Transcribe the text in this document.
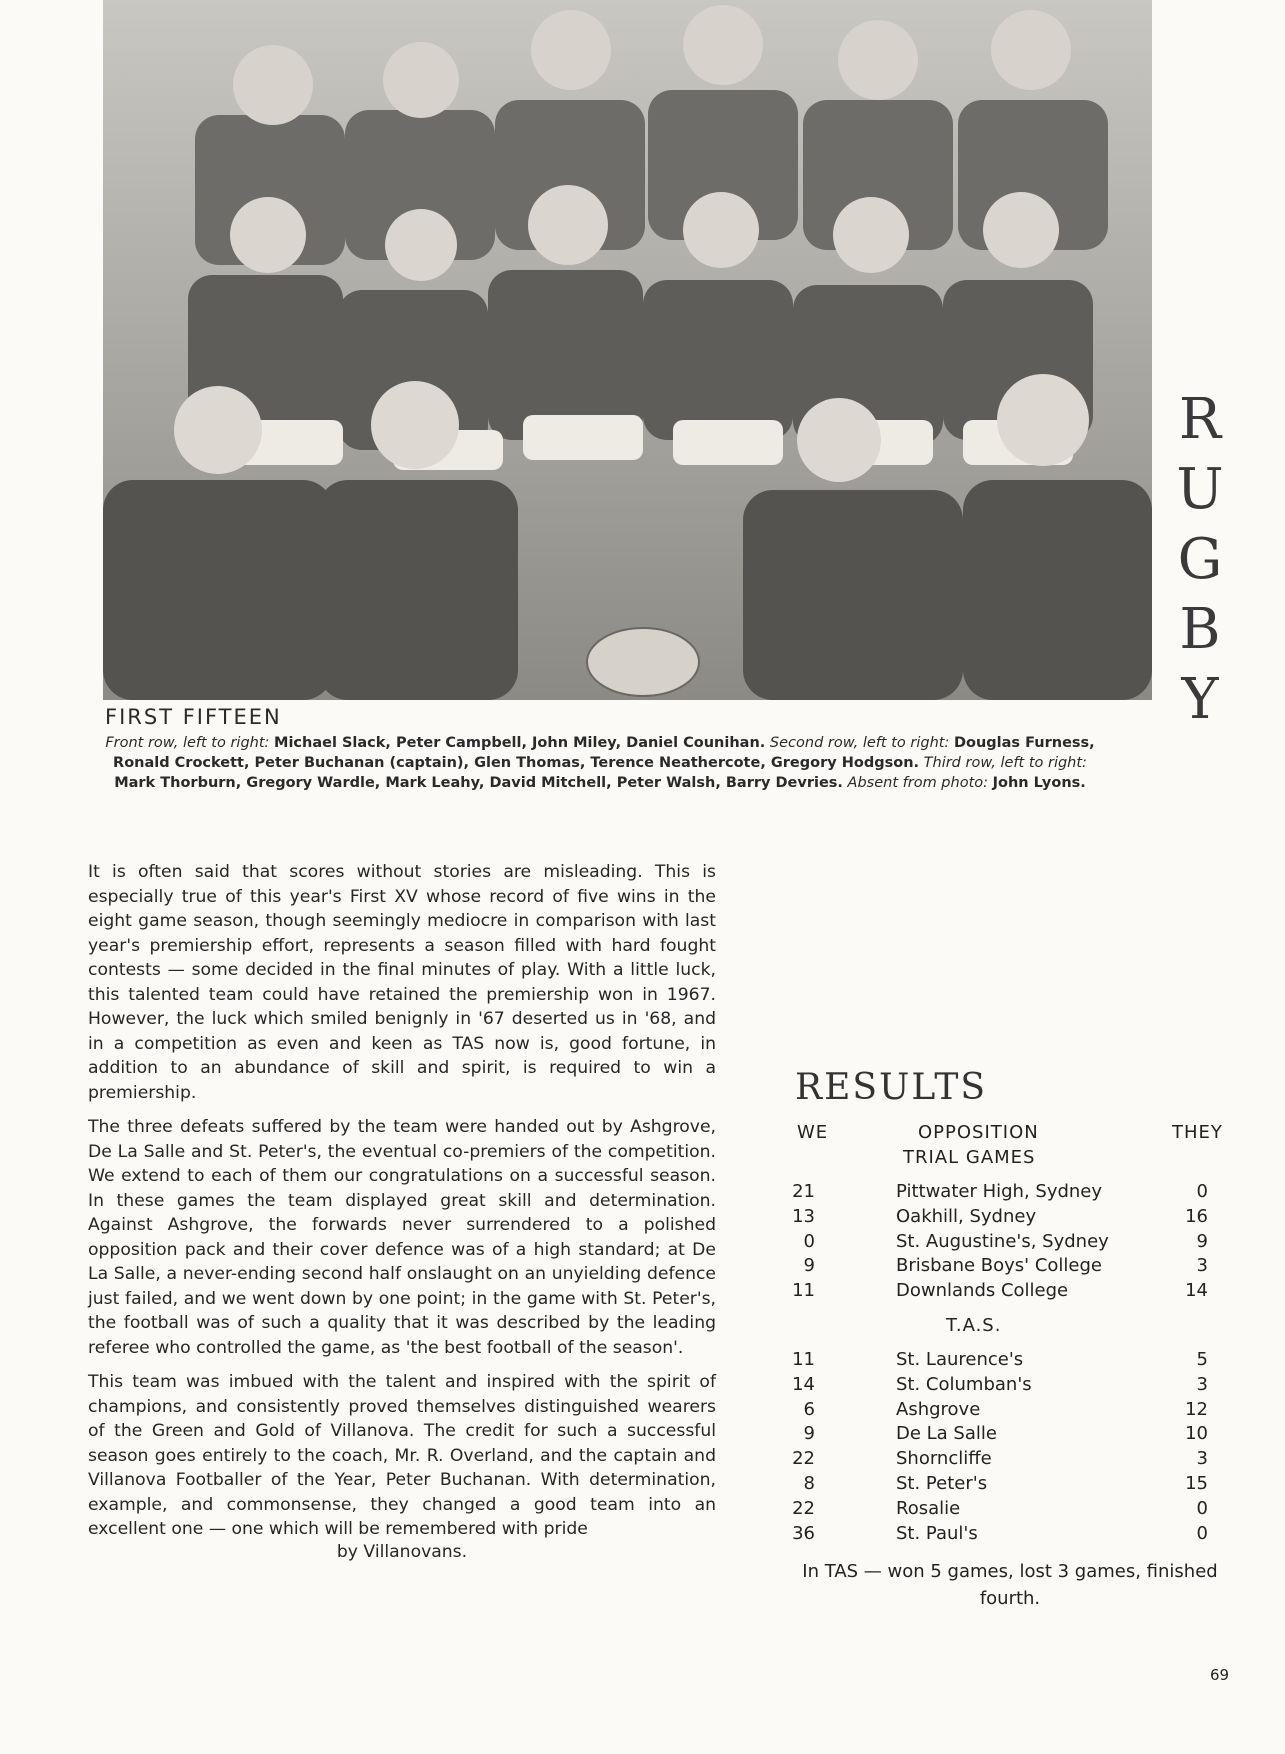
R
U
G
B
Y
FIRST FIFTEEN
Front row, left to right: Michael Slack, Peter Campbell, John Miley, Daniel Counihan. Second row, left to right: Douglas Furness, Ronald Crockett, Peter Buchanan (captain), Glen Thomas, Terence Neathercote, Gregory Hodgson. Third row, left to right: Mark Thorburn, Gregory Wardle, Mark Leahy, David Mitchell, Peter Walsh, Barry Devries. Absent from photo: John Lyons.

It is often said that scores without stories are misleading. This is especially true of this year's First XV whose record of five wins in the eight game season, though seemingly mediocre in comparison with last year's premiership effort, represents a season filled with hard fought contests — some decided in the final minutes of play. With a little luck, this talented team could have retained the premiership won in 1967. However, the luck which smiled benignly in '67 deserted us in '68, and in a competition as even and keen as TAS now is, good fortune, in addition to an abundance of skill and spirit, is required to win a premiership.

The three defeats suffered by the team were handed out by Ashgrove, De La Salle and St. Peter's, the eventual co-premiers of the competition. We extend to each of them our congratulations on a successful season. In these games the team displayed great skill and determination. Against Ashgrove, the forwards never surrendered to a polished opposition pack and their cover defence was of a high standard; at De La Salle, a never-ending second half onslaught on an unyielding defence just failed, and we went down by one point; in the game with St. Peter's, the football was of such a quality that it was described by the leading referee who controlled the game, as 'the best football of the season'.

This team was imbued with the talent and inspired with the spirit of champions, and consistently proved themselves distinguished wearers of the Green and Gold of Villanova. The credit for such a successful season goes entirely to the coach, Mr. R. Overland, and the captain and Villanova Footballer of the Year, Peter Buchanan. With determination, example, and commonsense, they changed a good team into an excellent one — one which will be remembered with pride

by Villanovans.

RESULTS
WE	OPPOSITION	THEY
TRIAL GAMES
21	Pittwater High, Sydney	0
13	Oakhill, Sydney	16
0	St. Augustine's, Sydney	9
9	Brisbane Boys' College	3
11	Downlands College	14
T.A.S.
11	St. Laurence's	5
14	St. Columban's	3
6	Ashgrove	12
9	De La Salle	10
22	Shorncliffe	3
8	St. Peter's	15
22	Rosalie	0
36	St. Paul's	0
In TAS — won 5 games, lost 3 games, finished fourth.
69
